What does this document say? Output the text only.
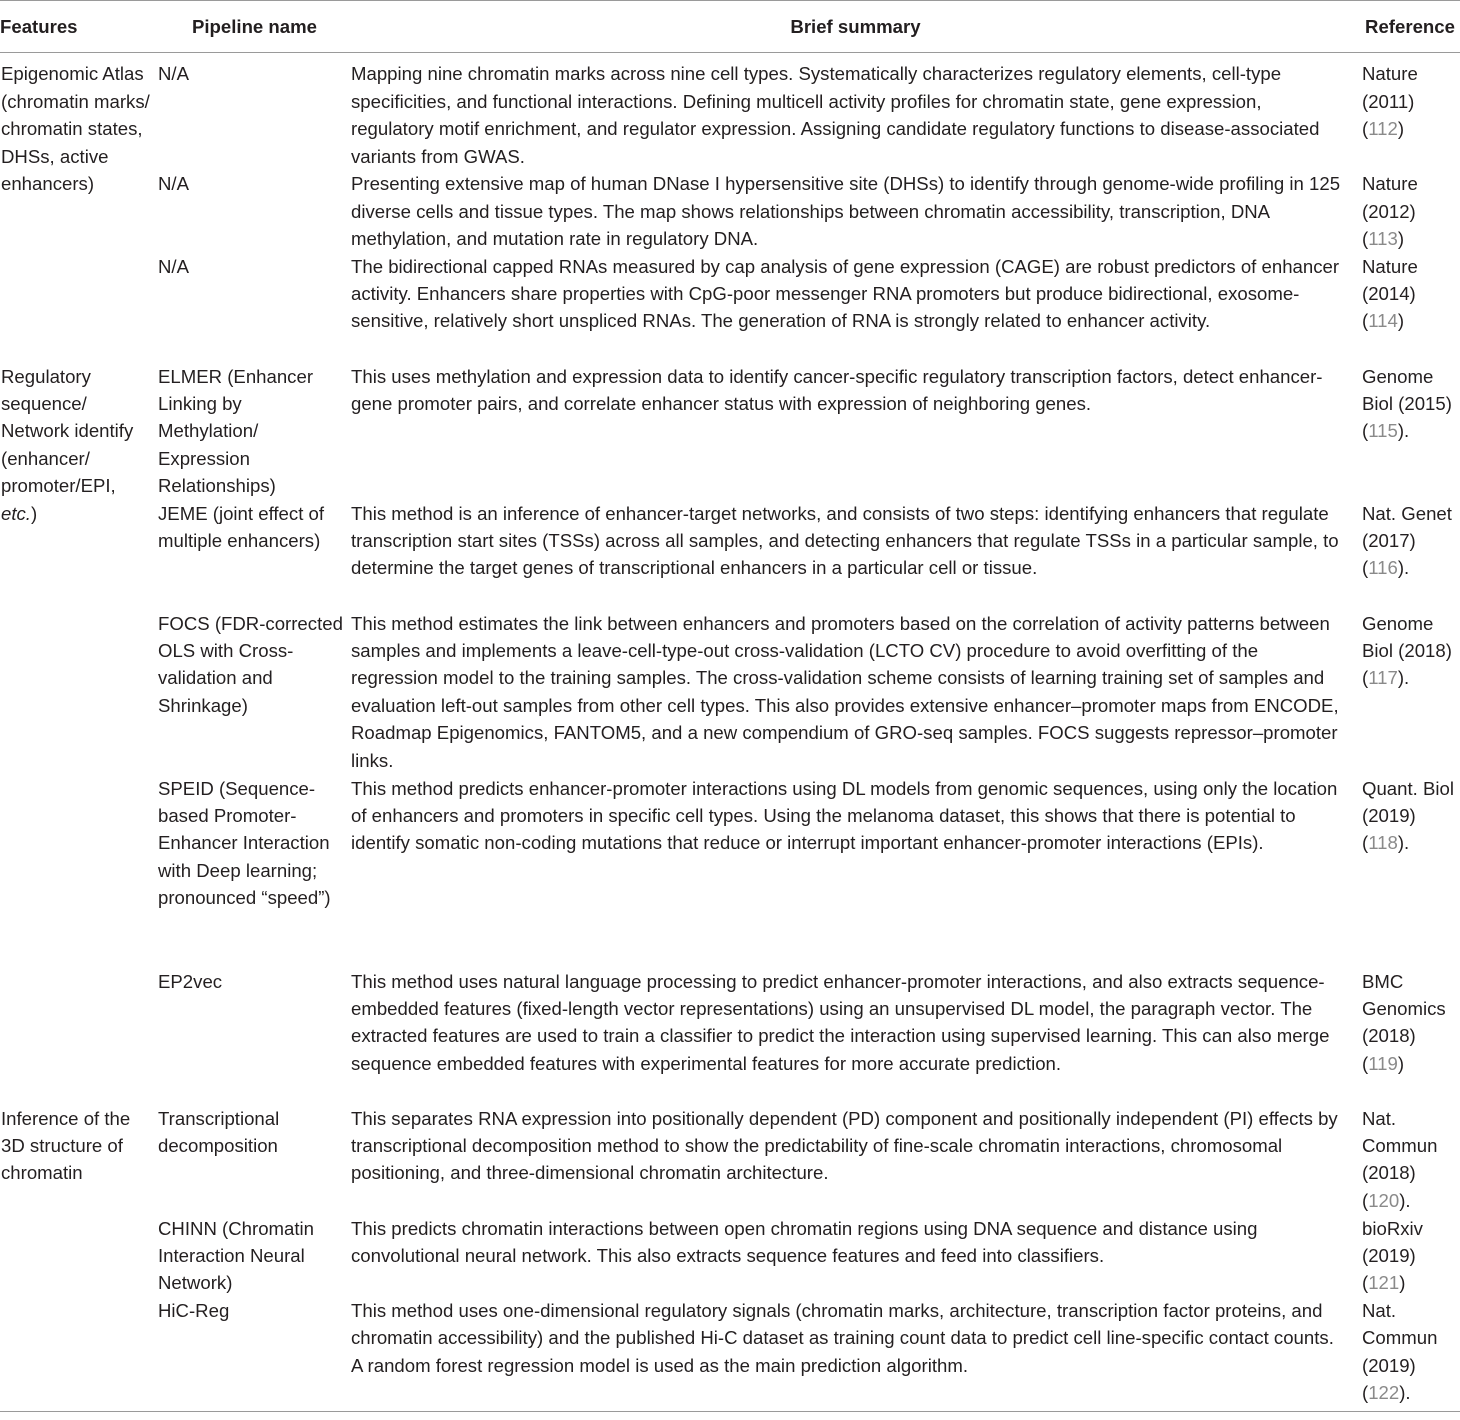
Features	Pipeline name	Brief summary	Reference
Epigenomic Atlas (chromatin marks/ chromatin states, DHSs, active enhancers)	N/A	Mapping nine chromatin marks across nine cell types. Systematically characterizes regulatory elements, cell-type specificities, and functional interactions. Defining multicell activity profiles for chromatin state, gene expression, regulatory motif enrichment, and regulator expression. Assigning candidate regulatory functions to disease-associated variants from GWAS.	Nature (2011) (112)
	N/A	Presenting extensive map of human DNase I hypersensitive site (DHSs) to identify through genome-wide profiling in 125 diverse cells and tissue types. The map shows relationships between chromatin accessibility, transcription, DNA methylation, and mutation rate in regulatory DNA.	Nature (2012) (113)
	N/A	The bidirectional capped RNAs measured by cap analysis of gene expression (CAGE) are robust predictors of enhancer activity. Enhancers share properties with CpG-poor messenger RNA promoters but produce bidirectional, exosome-sensitive, relatively short unspliced RNAs. The generation of RNA is strongly related to enhancer activity.	Nature (2014) (114)
Regulatory sequence/ Network identify (enhancer/ promoter/EPI, etc.)	ELMER (Enhancer Linking by Methylation/ Expression Relationships)	This uses methylation and expression data to identify cancer-specific regulatory transcription factors, detect enhancer-gene promoter pairs, and correlate enhancer status with expression of neighboring genes.	Genome Biol (2015) (115).
	JEME (joint effect of multiple enhancers)	This method is an inference of enhancer-target networks, and consists of two steps: identifying enhancers that regulate transcription start sites (TSSs) across all samples, and detecting enhancers that regulate TSSs in a particular sample, to determine the target genes of transcriptional enhancers in a particular cell or tissue.	Nat. Genet (2017) (116).
	FOCS (FDR-corrected OLS with Cross-validation and Shrinkage)	This method estimates the link between enhancers and promoters based on the correlation of activity patterns between samples and implements a leave-cell-type-out cross-validation (LCTO CV) procedure to avoid overfitting of the regression model to the training samples. The cross-validation scheme consists of learning training set of samples and evaluation left-out samples from other cell types. This also provides extensive enhancer–promoter maps from ENCODE, Roadmap Epigenomics, FANTOM5, and a new compendium of GRO-seq samples. FOCS suggests repressor–promoter links.	Genome Biol (2018) (117).
	SPEID (Sequence-based Promoter-Enhancer Interaction with Deep learning; pronounced “speed”)	This method predicts enhancer-promoter interactions using DL models from genomic sequences, using only the location of enhancers and promoters in specific cell types. Using the melanoma dataset, this shows that there is potential to identify somatic non-coding mutations that reduce or interrupt important enhancer-promoter interactions (EPIs).	Quant. Biol (2019) (118).
	EP2vec	This method uses natural language processing to predict enhancer-promoter interactions, and also extracts sequence-embedded features (fixed-length vector representations) using an unsupervised DL model, the paragraph vector. The extracted features are used to train a classifier to predict the interaction using supervised learning. This can also merge sequence embedded features with experimental features for more accurate prediction.	BMC Genomics (2018) (119)
Inference of the 3D structure of chromatin	Transcriptional decomposition	This separates RNA expression into positionally dependent (PD) component and positionally independent (PI) effects by transcriptional decomposition method to show the predictability of fine-scale chromatin interactions, chromosomal positioning, and three-dimensional chromatin architecture.	Nat. Commun (2018) (120).
	CHINN (Chromatin Interaction Neural Network)	This predicts chromatin interactions between open chromatin regions using DNA sequence and distance using convolutional neural network. This also extracts sequence features and feed into classifiers.	bioRxiv (2019) (121)
	HiC-Reg	This method uses one-dimensional regulatory signals (chromatin marks, architecture, transcription factor proteins, and chromatin accessibility) and the published Hi-C dataset as training count data to predict cell line-specific contact counts. A random forest regression model is used as the main prediction algorithm.	Nat. Commun (2019) (122).
